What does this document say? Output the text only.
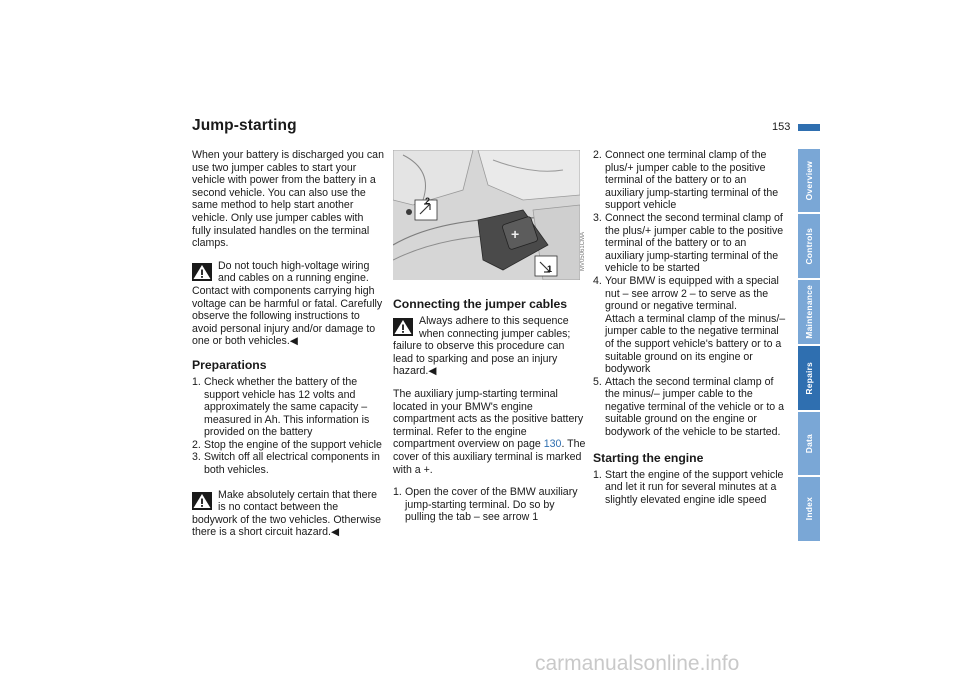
Jump-starting	153

When your battery is discharged you can use two jumper cables to start your vehicle with power from the battery in a second vehicle. You can also use the same method to help start another vehicle. Only use jumper cables with fully insulated handles on the terminal clamps.

Do not touch high-voltage wiring and cables on a running engine. Contact with components carrying high voltage can be harmful or fatal. Carefully observe the following instructions to avoid personal injury and/or damage to one or both vehicles.◀
Preparations
1. Check whether the battery of the support vehicle has 12 volts and approximately the same capacity – measured in Ah. This information is provided on the battery
2. Stop the engine of the support vehicle
3. Switch off all electrical components in both vehicles.
Make absolutely certain that there is no contact between the bodywork of the two vehicles. Otherwise there is a short circuit hazard.◀
+
2
1	MV05061CMA
Connecting the jumper cables
Always adhere to this sequence when connecting jumper cables; failure to observe this procedure can lead to sparking and pose an injury hazard.◀

The auxiliary jump-starting terminal located in your BMW's engine compartment acts as the positive battery terminal. Refer to the engine compartment overview on page 130. The cover of this auxiliary terminal is marked with a +.

1. Open the cover of the BMW auxiliary jump-starting terminal. Do so by pulling the tab – see arrow 1
2. Connect one terminal clamp of the plus/+ jumper cable to the positive terminal of the battery or to an auxiliary jump-starting terminal of the support vehicle
3. Connect the second terminal clamp of the plus/+ jumper cable to the positive terminal of the battery or to an auxiliary jump-starting terminal of the vehicle to be started
4. Your BMW is equipped with a special nut – see arrow 2 – to serve as the ground or negative terminal.
Attach a terminal clamp of the minus/– jumper cable to the negative terminal of the support vehicle's battery or to a suitable ground on its engine or bodywork
5. Attach the second terminal clamp of the minus/– jumper cable to the negative terminal of the vehicle or to a suitable ground on the engine or bodywork of the vehicle to be started.
Starting the engine
1. Start the engine of the support vehicle and let it run for several minutes at a slightly elevated engine idle speed
Overview
Controls
Maintenance
Repairs
Data
Index
carmanualsonline.info
